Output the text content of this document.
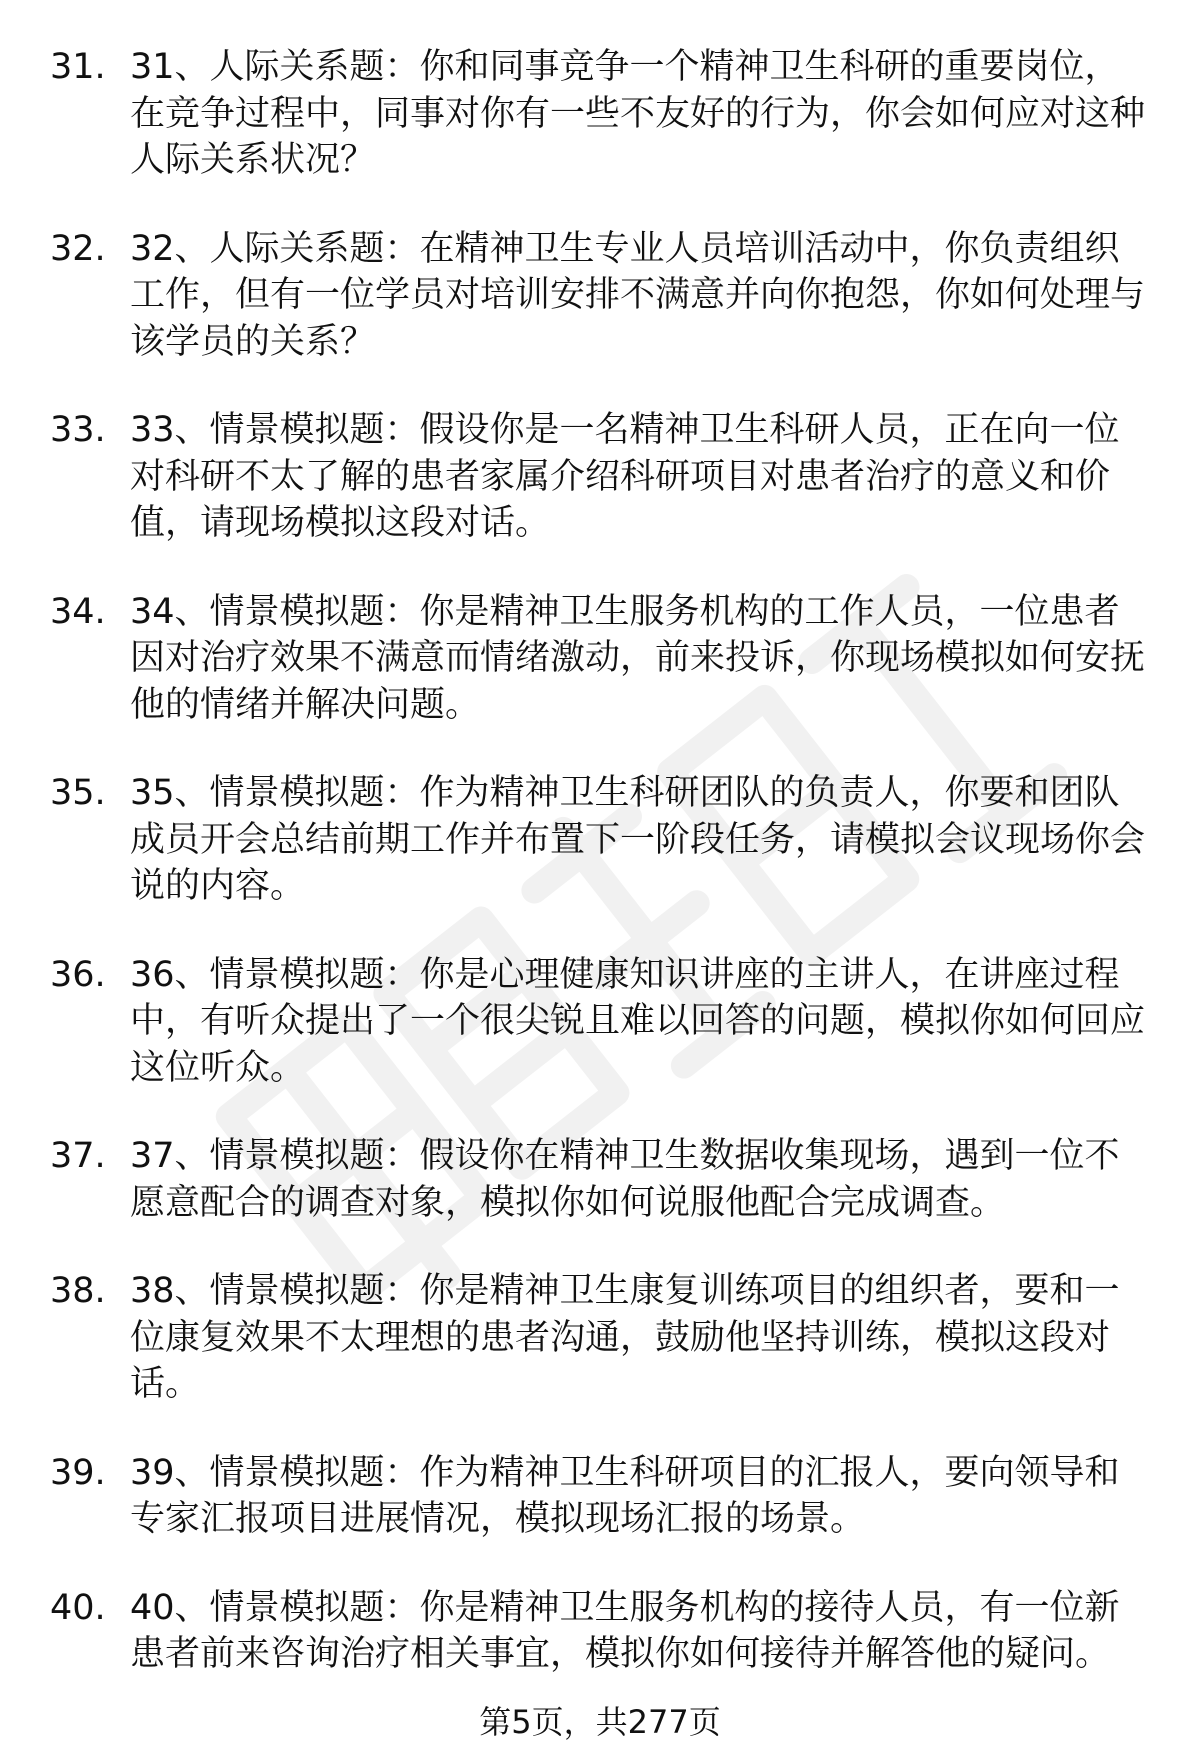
31. 31、人际关系题：你和同事竞争一个精神卫生科研的重要岗位，在竞争过程中，同事对你有一些不友好的行为，你会如何应对这种人际关系状况？
32. 32、人际关系题：在精神卫生专业人员培训活动中，你负责组织工作，但有一位学员对培训安排不满意并向你抱怨，你如何处理与该学员的关系？
33. 33、情景模拟题：假设你是一名精神卫生科研人员，正在向一位对科研不太了解的患者家属介绍科研项目对患者治疗的意义和价值，请现场模拟这段对话。
34. 34、情景模拟题：你是精神卫生服务机构的工作人员，一位患者因对治疗效果不满意而情绪激动，前来投诉，你现场模拟如何安抚他的情绪并解决问题。
35. 35、情景模拟题：作为精神卫生科研团队的负责人，你要和团队成员开会总结前期工作并布置下一阶段任务，请模拟会议现场你会说的内容。
36. 36、情景模拟题：你是心理健康知识讲座的主讲人，在讲座过程中，有听众提出了一个很尖锐且难以回答的问题，模拟你如何回应这位听众。
37. 37、情景模拟题：假设你在精神卫生数据收集现场，遇到一位不愿意配合的调查对象，模拟你如何说服他配合完成调查。
38. 38、情景模拟题：你是精神卫生康复训练项目的组织者，要和一位康复效果不太理想的患者沟通，鼓励他坚持训练，模拟这段对话。
39. 39、情景模拟题：作为精神卫生科研项目的汇报人，要向领导和专家汇报项目进展情况，模拟现场汇报的场景。
40. 40、情景模拟题：你是精神卫生服务机构的接待人员，有一位新患者前来咨询治疗相关事宜，模拟你如何接待并解答他的疑问。
第5页，共277页
